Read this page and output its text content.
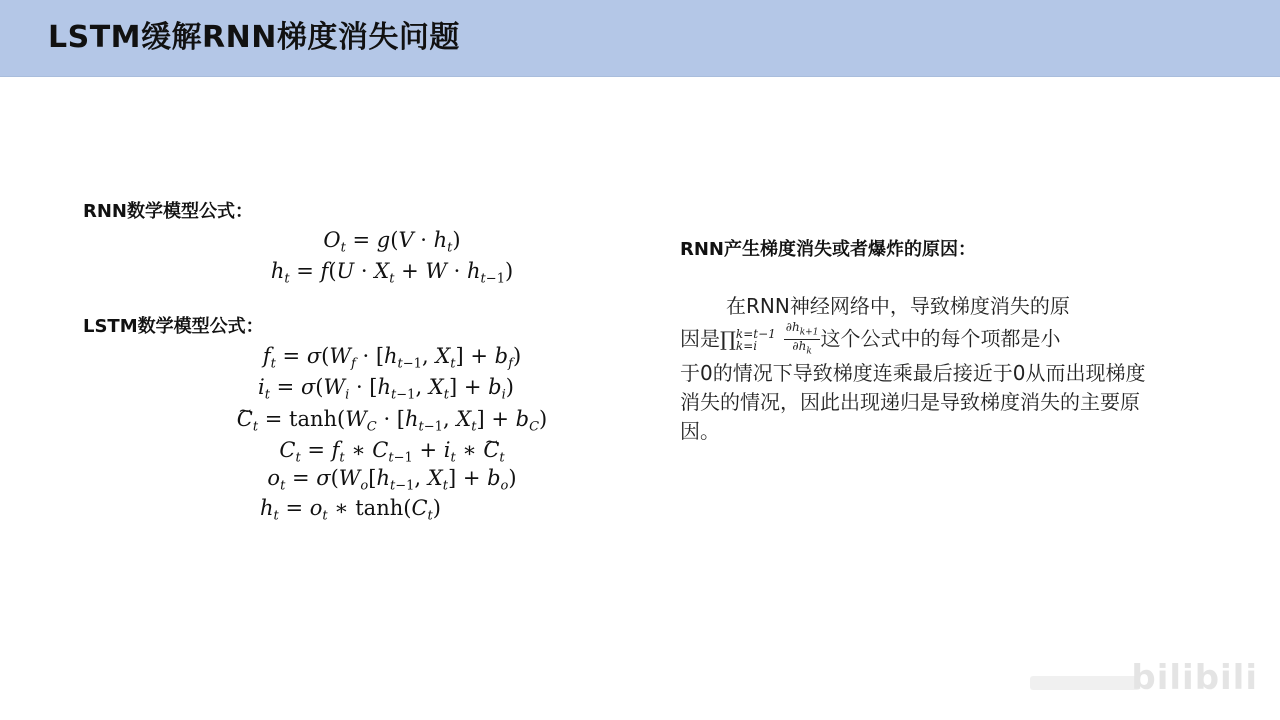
LSTM缓解RNN梯度消失问题
RNN数学模型公式：
$O_t = g(V \cdot h_t)$
$h_t = f(U \cdot X_t + W \cdot h_{t-1})$
LSTM数学模型公式：
$f_t = \sigma(W_f \cdot [h_{t-1}$, $X_t] + b_f$)
$i_t = \sigma(W_i \cdot [h_{t-1}$, $X_t] + b_i$)
~ $C_t = \tanh(W_C \cdot [h_{t-1}$, $X_t] + b_C$)
$C_t = f_t$ ∗ $C_{t-1} + i_t$ ∗ ~ $C_t$
$o_t = \sigma(W_o[h_{t-1}$, $X_t] + b_o$)
$h_t = o_t$ ∗ $\tanh(C_t)$
RNN产生梯度消失或者爆炸的原因：
在RNN神经网络中，导致梯度消失的原
因是∏ k=t−1
k=i	$\frac{\partial h_{k+1}}{\partial h_k}$ 这个公式中的每个项都是小
于0的情况下导致梯度连乘最后接近于0从而出现梯度消失的情况，因此出现递归是导致梯度消失的主要原因。
bilibili
